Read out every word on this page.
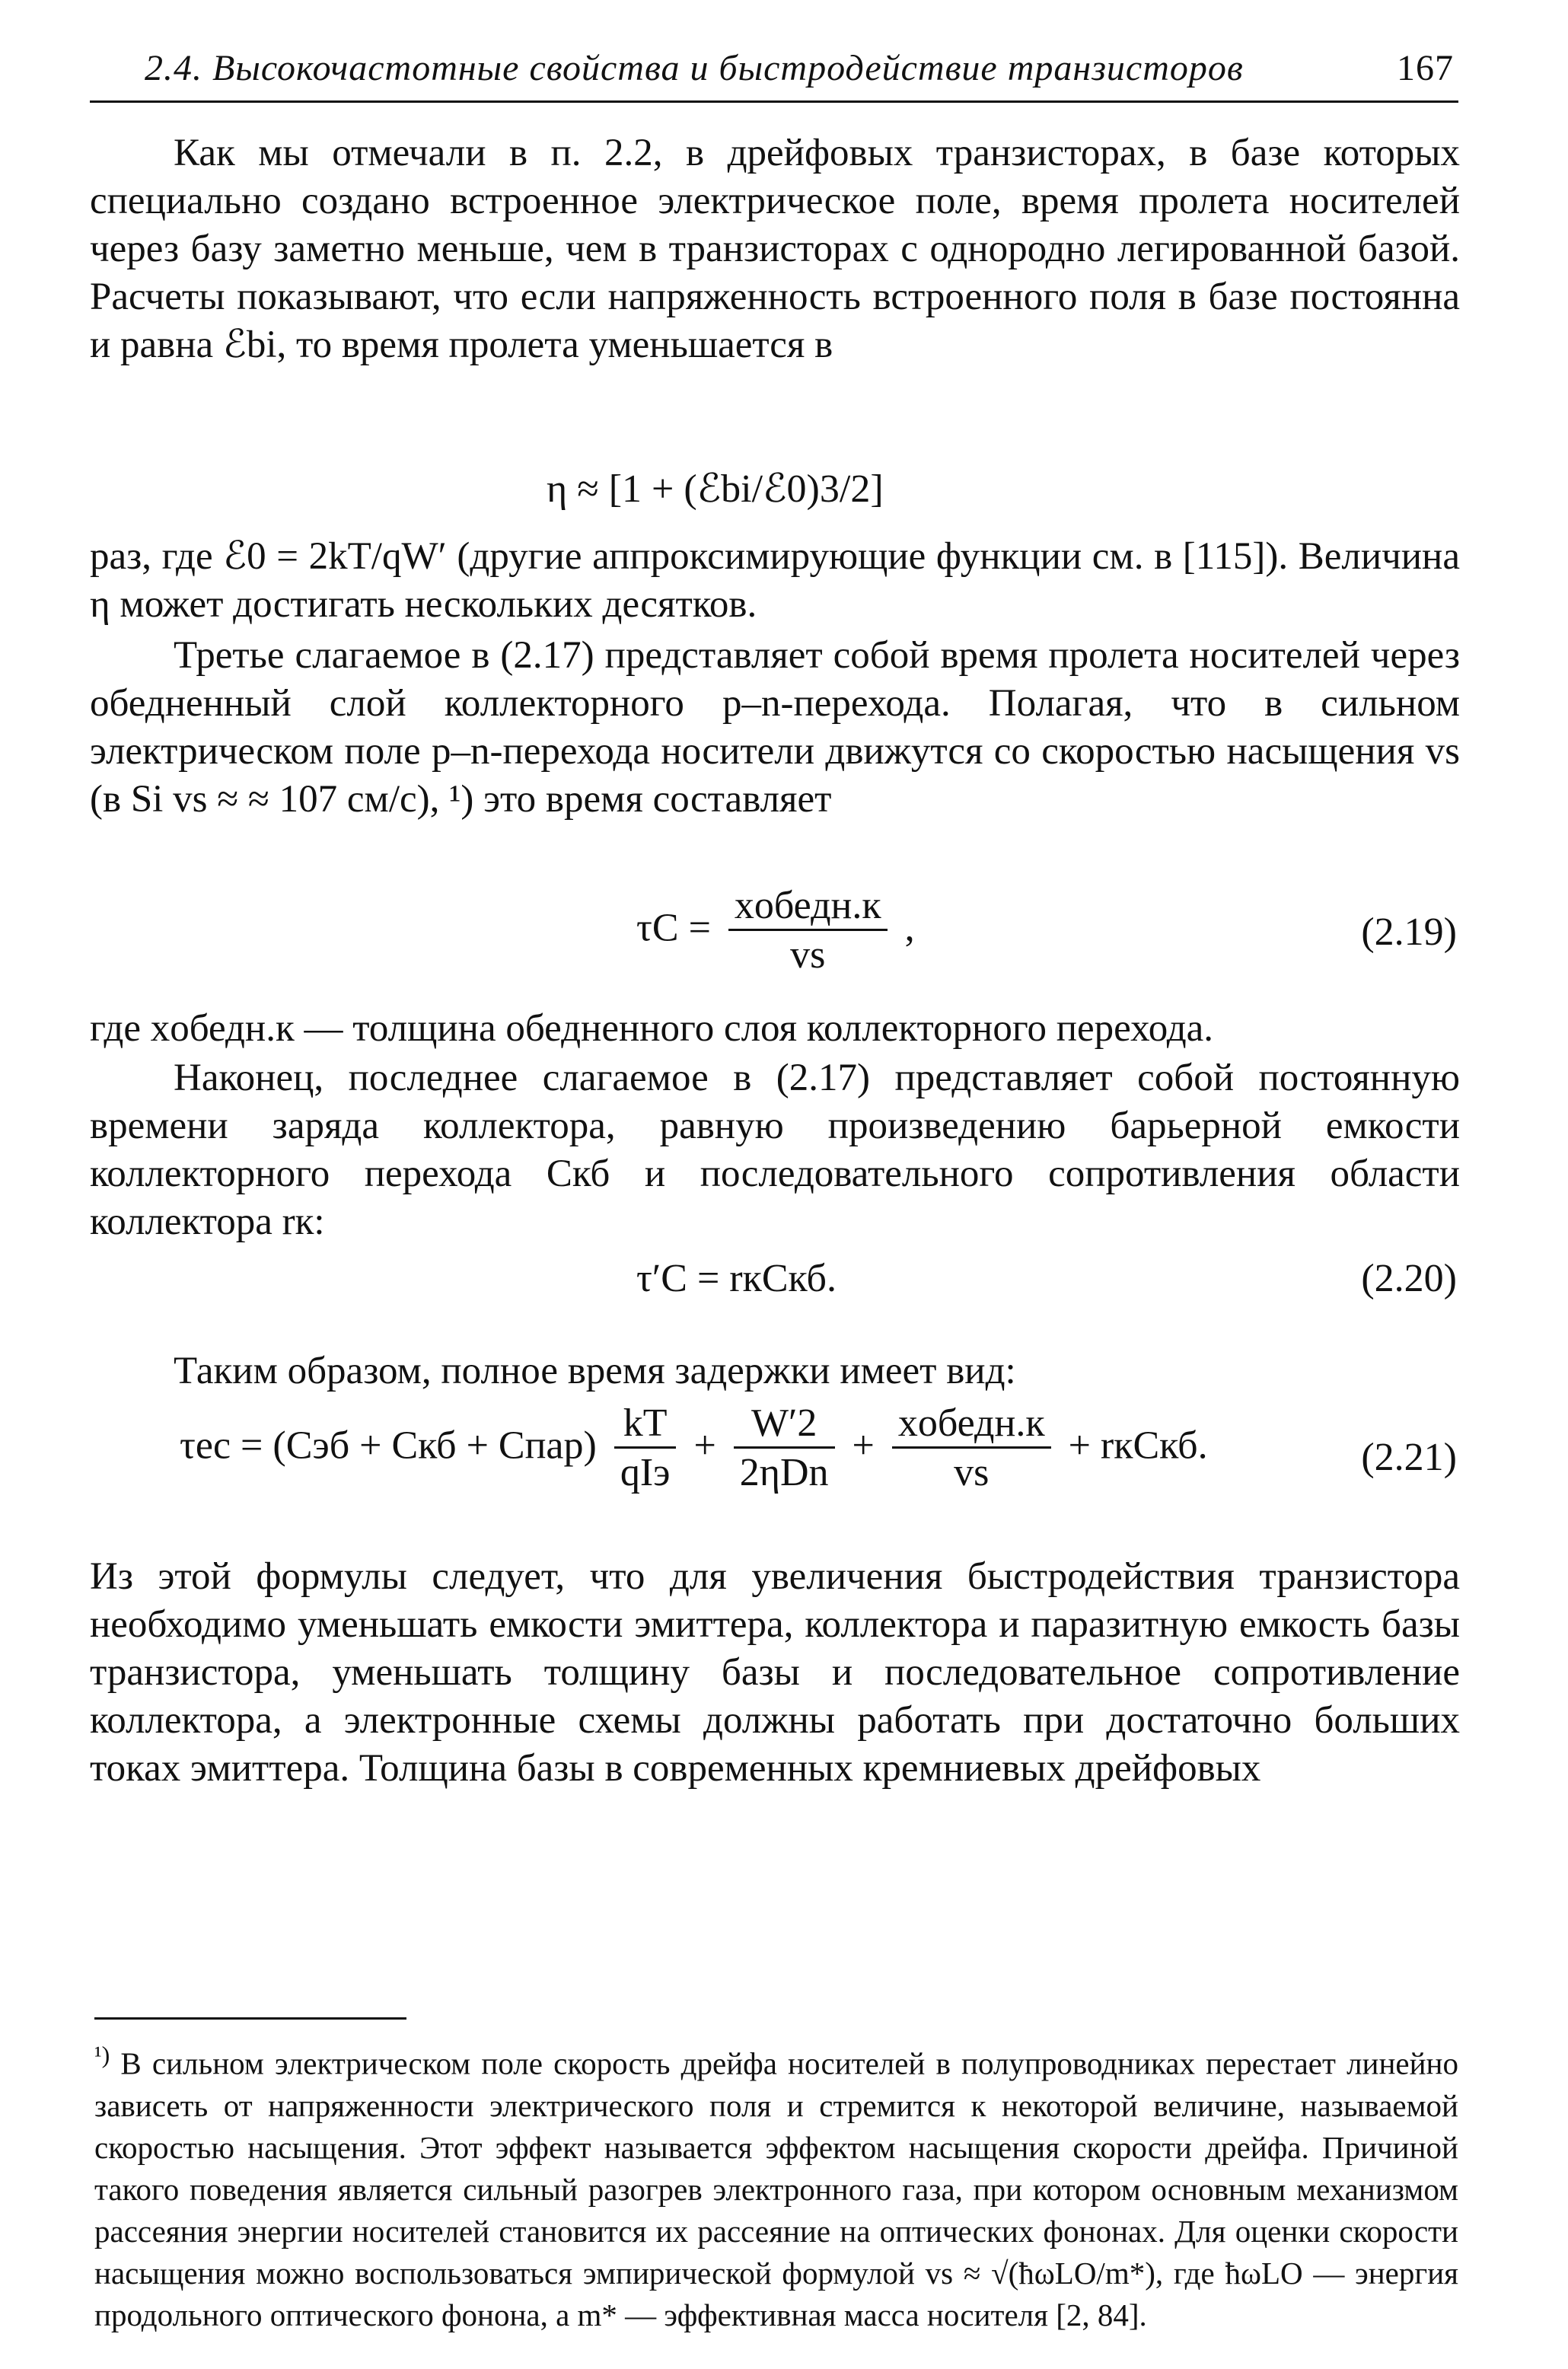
2.4. Высокочастотные свойства и быстродействие транзисторов	167
Как мы отмечали в п. 2.2, в дрейфовых транзисторах, в базе которых специально создано встроенное электрическое поле, время пролета носителей через базу заметно меньше, чем в транзисторах с однородно легированной базой. Расчеты показывают, что если напряженность встроенного поля в базе постоянна и равна ℰbi, то время пролета уменьшается в
η ≈ [1 + (ℰbi/ℰ0)3/2]
раз, где ℰ0 = 2kT/qW′ (другие аппроксимирующие функции см. в [115]). Величина η может достигать нескольких десятков.
Третье слагаемое в (2.17) представляет собой время пролета носителей через обедненный слой коллекторного p–n-перехода. Полагая, что в сильном электрическом поле p–n-перехода носители движутся со скоростью насыщения vs (в Si vs ≈ ≈ 107 см/с), ¹) это время составляет
$\tau C = \frac{\text{xобедн.к}}{vs}$ ,	(2.19)
где xобедн.к — толщина обедненного слоя коллекторного перехода.
Наконец, последнее слагаемое в (2.17) представляет собой постоянную времени заряда коллектора, равную произведению барьерной емкости коллекторного перехода Cкб и последовательного сопротивления области коллектора rк:
τ′C = rкCкб.	(2.20)
Таким образом, полное время задержки имеет вид:
τec = (Cэб + Cкб + Cпар) $\frac{kT}{\text{qIэ}} + \frac{W'2}{\text{2ηDn}} + \frac{\text{xобедн.к}}{vs}$ + rкCкб.	(2.21)
Из этой формулы следует, что для увеличения быстродействия транзистора необходимо уменьшать емкости эмиттера, коллектора и паразитную емкость базы транзистора, уменьшать толщину базы и последовательное сопротивление коллектора, а электронные схемы должны работать при достаточно больших токах эмиттера. Толщина базы в современных кремниевых дрейфовых
$^{^1)}$ В сильном электрическом поле скорость дрейфа носителей в полупроводниках перестает линейно зависеть от напряженности электрического поля и стремится к некоторой величине, называемой скоростью насыщения. Этот эффект называется эффектом насыщения скорости дрейфа. Причиной такого поведения является сильный разогрев электронного газа, при котором основным механизмом рассеяния энергии носителей становится их рассеяние на оптических фононах. Для оценки скорости насыщения можно воспользоваться эмпирической формулой vs ≈ √(ħωLO/m*), где ħωLO — энергия продольного оптического фонона, а m* — эффективная масса носителя [2, 84].
